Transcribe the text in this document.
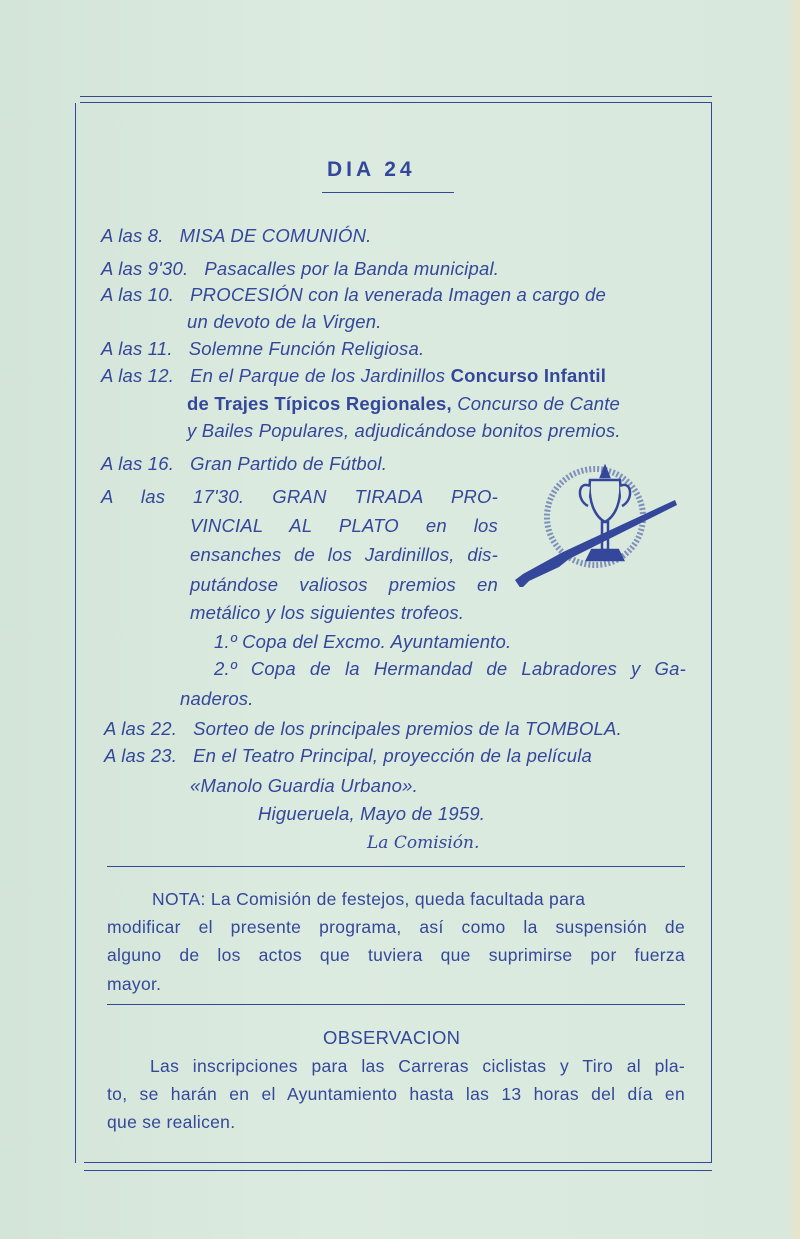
DIA 24
A las 8. MISA DE COMUNIÓN.
A las 9'30. Pasacalles por la Banda municipal.
A las 10. PROCESIÓN con la venerada Imagen a cargo de
un devoto de la Virgen.
A las 11. Solemne Función Religiosa.
A las 12. En el Parque de los Jardinillos Concurso Infantil
de Trajes Típicos Regionales, Concurso de Cante
y Bailes Populares, adjudicándose bonitos premios.
A las 16. Gran Partido de Fútbol.
A las 17'30. GRAN TIRADA PRO-
VINCIAL AL PLATO en los
ensanches de los Jardinillos, dis-
putándose valiosos premios en
metálico y los siguientes trofeos.
1.º Copa del Excmo. Ayuntamiento.
2.º Copa de la Hermandad de Labradores y Ga-
naderos.
A las 22. Sorteo de los principales premios de la TOMBOLA.
A las 23. En el Teatro Principal, proyección de la película
«Manolo Guardia Urbano».
Higueruela, Mayo de 1959.
La Comisión.
NOTA: La Comisión de festejos, queda facultada para
modificar el presente programa, así como la suspensión de
alguno de los actos que tuviera que suprimirse por fuerza
mayor.
OBSERVACION
Las inscripciones para las Carreras ciclistas y Tiro al pla-
to, se harán en el Ayuntamiento hasta las 13 horas del día en
que se realicen.
